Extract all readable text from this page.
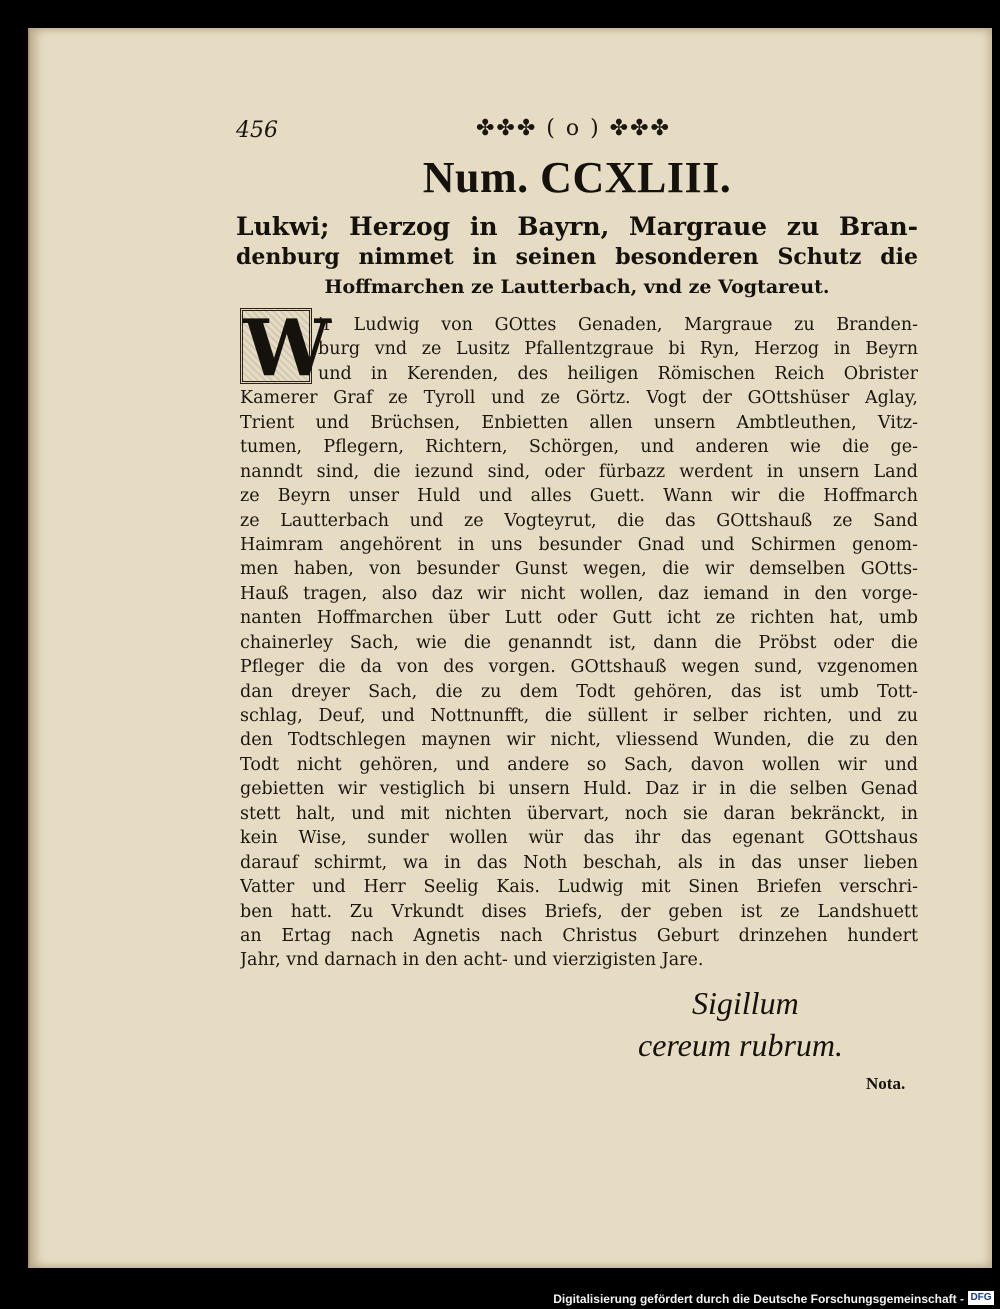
456	✤✤✤ ( o ) ✤✤✤
Num. CCXLIII.
Lukwi; Herzog in Bayrn, Margraue zu Bran-
denburg nimmet in seinen besonderen Schutz die
Hoffmarchen ze Lautterbach, vnd ze Vogtareut.
W
ir Ludwig von GOttes Genaden, Margraue zu Branden-
burg vnd ze Lusitz Pfallentzgraue bi Ryn, Herzog in Beyrn
und in Kerenden, des heiligen Römischen Reich Obrister
Kamerer Graf ze Tyroll und ze Görtz. Vogt der GOttshüser Aglay,
Trient und Brüchsen, Enbietten allen unsern Ambtleuthen, Vitz-
tumen, Pflegern, Richtern, Schörgen, und anderen wie die ge-
nanndt sind, die iezund sind, oder fürbazz werdent in unsern Land
ze Beyrn unser Huld und alles Guett. Wann wir die Hoffmarch
ze Lautterbach und ze Vogteyrut, die das GOttshauß ze Sand
Haimram angehörent in uns besunder Gnad und Schirmen genom-
men haben, von besunder Gunst wegen, die wir demselben GOtts-
Hauß tragen, also daz wir nicht wollen, daz iemand in den vorge-
nanten Hoffmarchen über Lutt oder Gutt icht ze richten hat, umb
chainerley Sach, wie die genanndt ist, dann die Pröbst oder die
Pfleger die da von des vorgen. GOttshauß wegen sund, vzgenomen
dan dreyer Sach, die zu dem Todt gehören, das ist umb Tott-
schlag, Deuf, und Nottnunfft, die süllent ir selber richten, und zu
den Todtschlegen maynen wir nicht, vliessend Wunden, die zu den
Todt nicht gehören, und andere so Sach, davon wollen wir und
gebietten wir vestiglich bi unsern Huld. Daz ir in die selben Genad
stett halt, und mit nichten übervart, noch sie daran bekränckt, in
kein Wise, sunder wollen wür das ihr das egenant GOttshaus
darauf schirmt, wa in das Noth beschah, als in das unser lieben
Vatter und Herr Seelig Kais. Ludwig mit Sinen Briefen verschri-
ben hatt. Zu Vrkundt dises Briefs, der geben ist ze Landshuett
an Ertag nach Agnetis nach Christus Geburt drinzehen hundert
Jahr, vnd darnach in den acht- und vierzigisten Jare.
Sigillum
cereum rubrum.
Nota.
Digitalisierung gefördert durch die Deutsche Forschungsgemeinschaft - DFG
